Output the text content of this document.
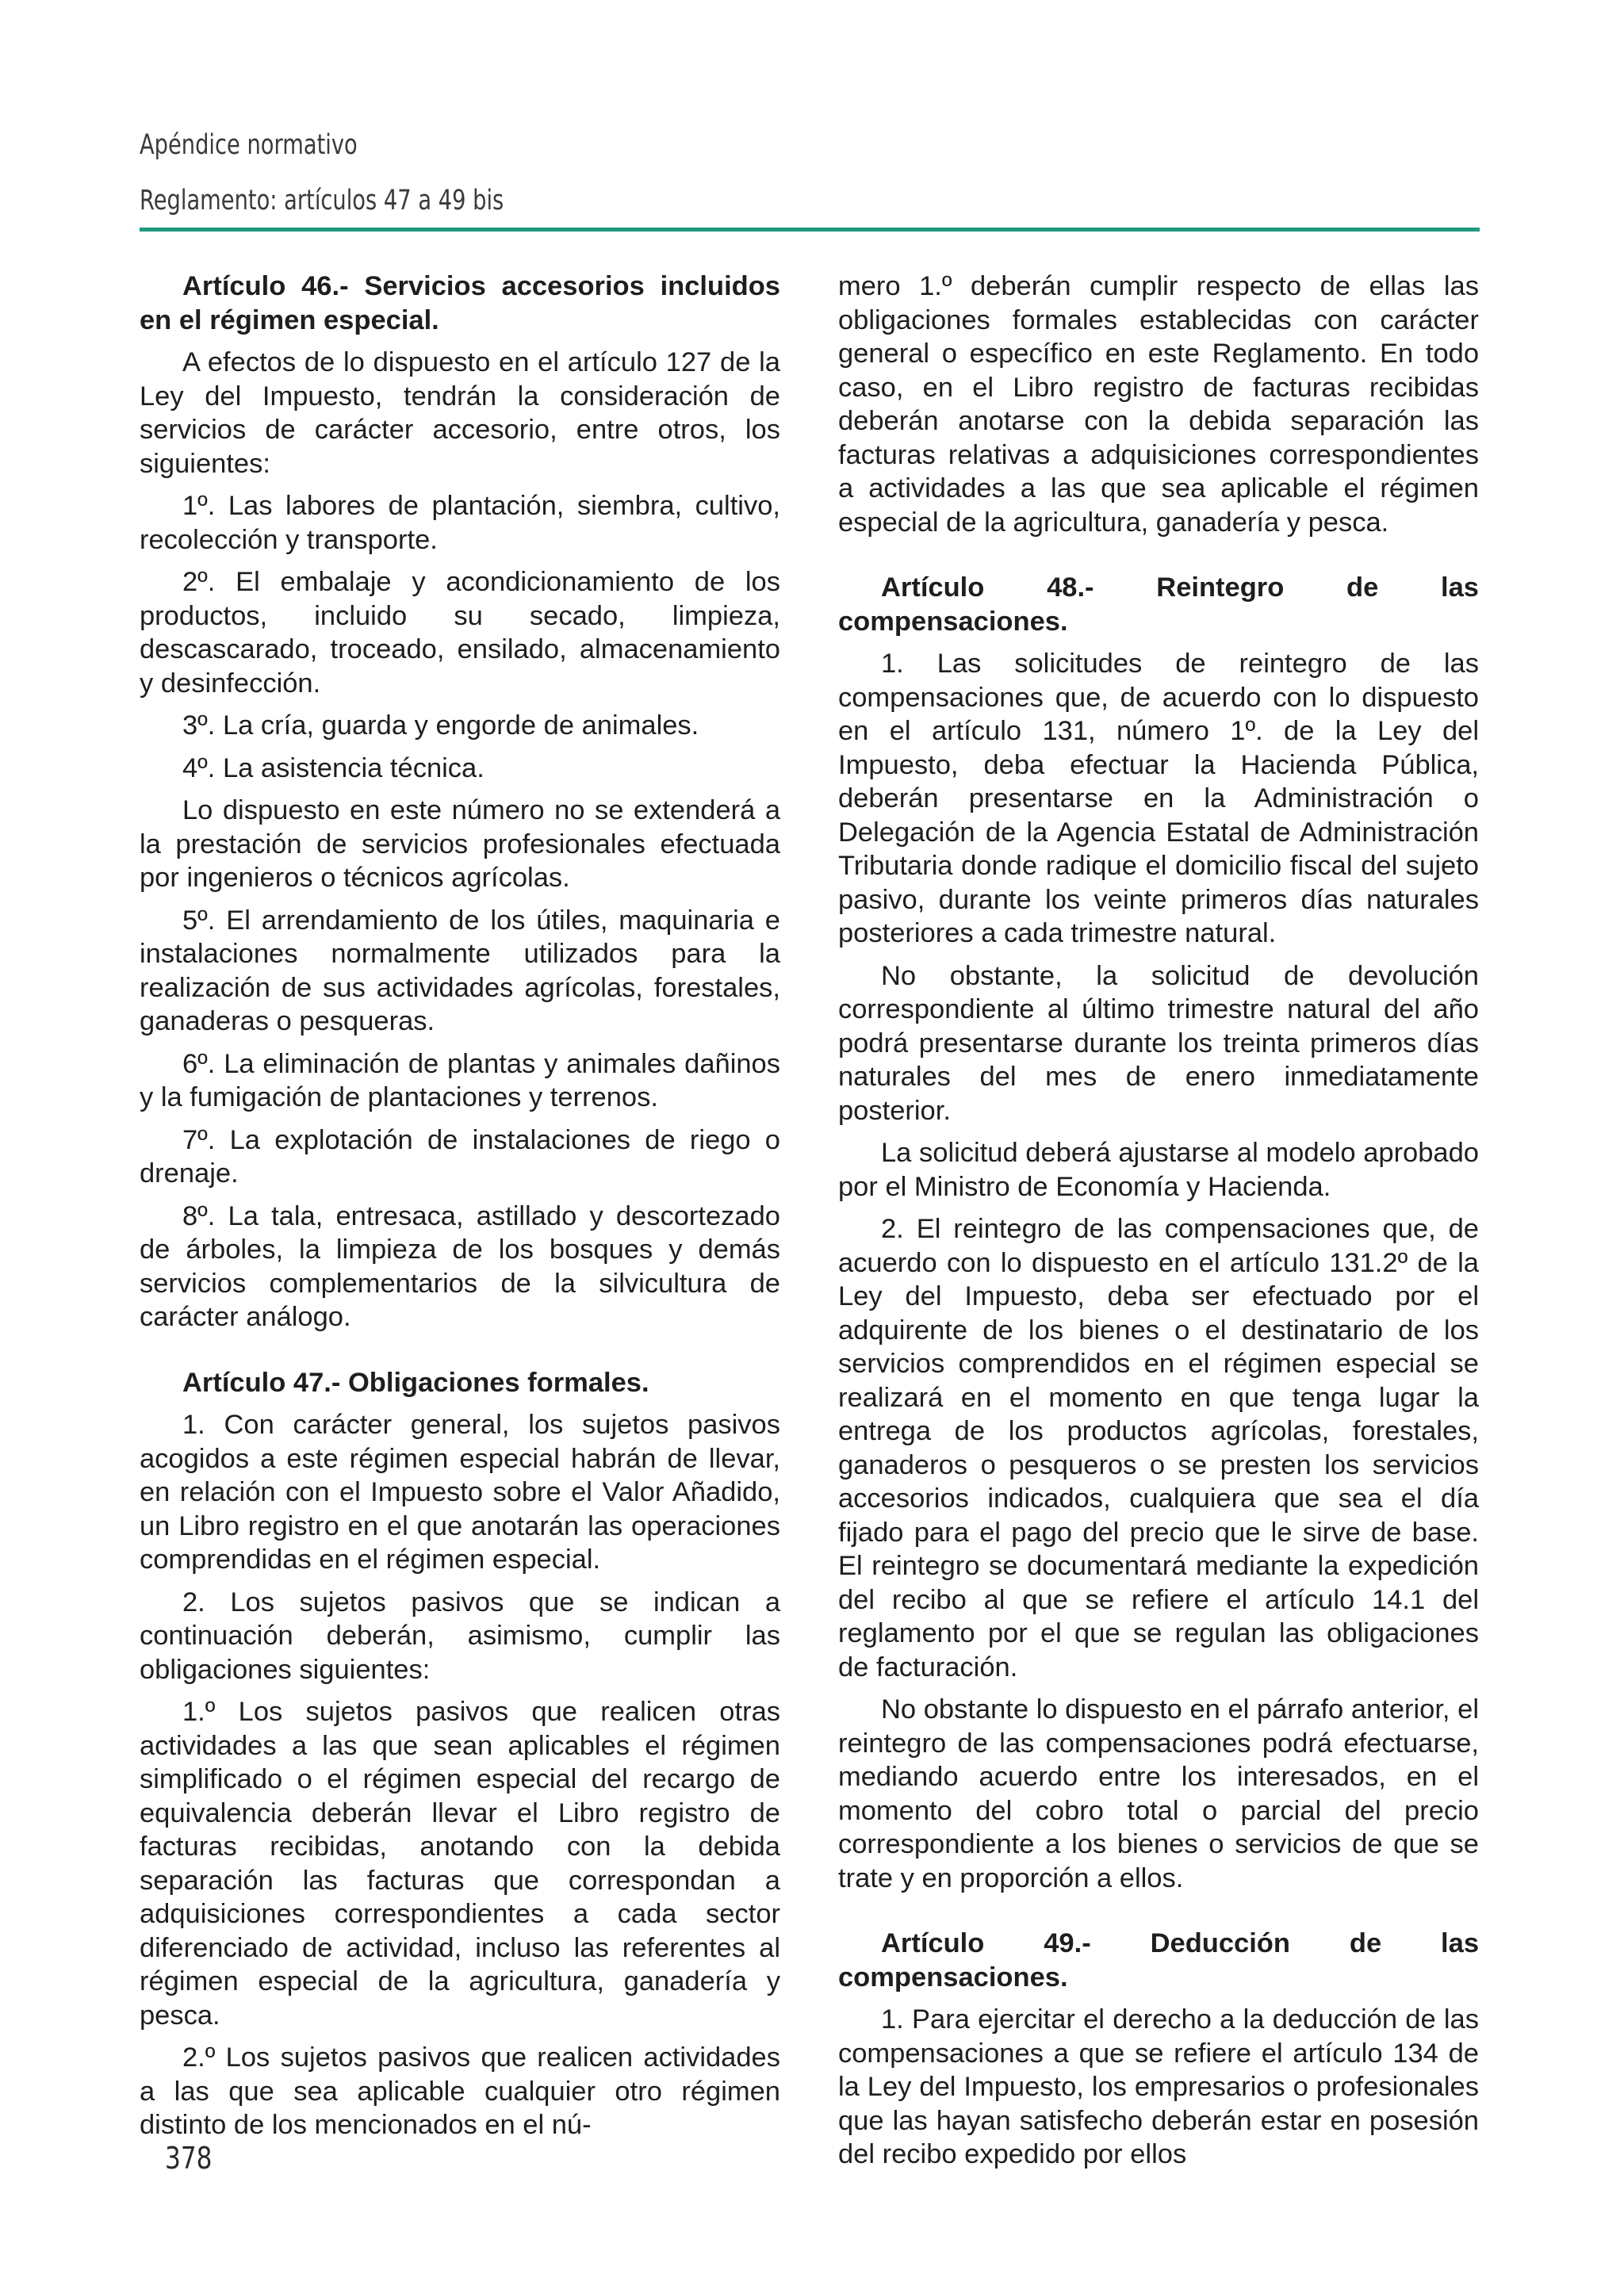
Apéndice normativo
Reglamento: artículos 47 a 49 bis

Artículo 46.- Servicios accesorios incluidos en el régimen especial.

A efectos de lo dispuesto en el artículo 127 de la Ley del Impuesto, tendrán la consideración de servicios de carácter accesorio, entre otros, los siguientes:

1º. Las labores de plantación, siembra, cultivo, recolección y transporte.

2º. El embalaje y acondicionamiento de los productos, incluido su secado, limpieza, descascarado, troceado, ensilado, almacenamiento y desinfección.

3º. La cría, guarda y engorde de animales.

4º. La asistencia técnica.

Lo dispuesto en este número no se extenderá a la prestación de servicios profesionales efectuada por ingenieros o técnicos agrícolas.

5º. El arrendamiento de los útiles, maquinaria e instalaciones normalmente utilizados para la realización de sus actividades agrícolas, forestales, ganaderas o pesqueras.

6º. La eliminación de plantas y animales dañinos y la fumigación de plantaciones y terrenos.

7º. La explotación de instalaciones de riego o drenaje.

8º. La tala, entresaca, astillado y descortezado de árboles, la limpieza de los bosques y demás servicios complementarios de la silvicultura de carácter análogo.

Artículo 47.- Obligaciones formales.

1. Con carácter general, los sujetos pasivos acogidos a este régimen especial habrán de llevar, en relación con el Impuesto sobre el Valor Añadido, un Libro registro en el que anotarán las operaciones comprendidas en el régimen especial.

2. Los sujetos pasivos que se indican a continuación deberán, asimismo, cumplir las obligaciones siguientes:

1.º Los sujetos pasivos que realicen otras actividades a las que sean aplicables el régimen simplificado o el régimen especial del recargo de equivalencia deberán llevar el Libro registro de facturas recibidas, anotando con la debida separación las facturas que correspondan a adquisiciones correspondientes a cada sector diferenciado de actividad, incluso las referentes al régimen especial de la agricultura, ganadería y pesca.

2.º Los sujetos pasivos que realicen actividades a las que sea aplicable cualquier otro régimen distinto de los mencionados en el nú-

mero 1.º deberán cumplir respecto de ellas las obligaciones formales establecidas con carácter general o específico en este Reglamento. En todo caso, en el Libro registro de facturas recibidas deberán anotarse con la debida separación las facturas relativas a adquisiciones correspondientes a actividades a las que sea aplicable el régimen especial de la agricultura, ganadería y pesca.

Artículo 48.- Reintegro de las compensaciones.

1. Las solicitudes de reintegro de las compensaciones que, de acuerdo con lo dispuesto en el artículo 131, número 1º. de la Ley del Impuesto, deba efectuar la Hacienda Pública, deberán presentarse en la Administración o Delegación de la Agencia Estatal de Administración Tributaria donde radique el domicilio fiscal del sujeto pasivo, durante los veinte primeros días naturales posteriores a cada trimestre natural.

No obstante, la solicitud de devolución correspondiente al último trimestre natural del año podrá presentarse durante los treinta primeros días naturales del mes de enero inmediatamente posterior.

La solicitud deberá ajustarse al modelo aprobado por el Ministro de Economía y Hacienda.

2. El reintegro de las compensaciones que, de acuerdo con lo dispuesto en el artículo 131.2º de la Ley del Impuesto, deba ser efectuado por el adquirente de los bienes o el destinatario de los servicios comprendidos en el régimen especial se realizará en el momento en que tenga lugar la entrega de los productos agrícolas, forestales, ganaderos o pesqueros o se presten los servicios accesorios indicados, cualquiera que sea el día fijado para el pago del precio que le sirve de base. El reintegro se documentará mediante la expedición del recibo al que se refiere el artículo 14.1 del reglamento por el que se regulan las obligaciones de facturación.

No obstante lo dispuesto en el párrafo anterior, el reintegro de las compensaciones podrá efectuarse, mediando acuerdo entre los interesados, en el momento del cobro total o parcial del precio correspondiente a los bienes o servicios de que se trate y en proporción a ellos.

Artículo 49.- Deducción de las compensaciones.

1. Para ejercitar el derecho a la deducción de las compensaciones a que se refiere el artículo 134 de la Ley del Impuesto, los empresarios o profesionales que las hayan satisfecho deberán estar en posesión del recibo expedido por ellos

378
